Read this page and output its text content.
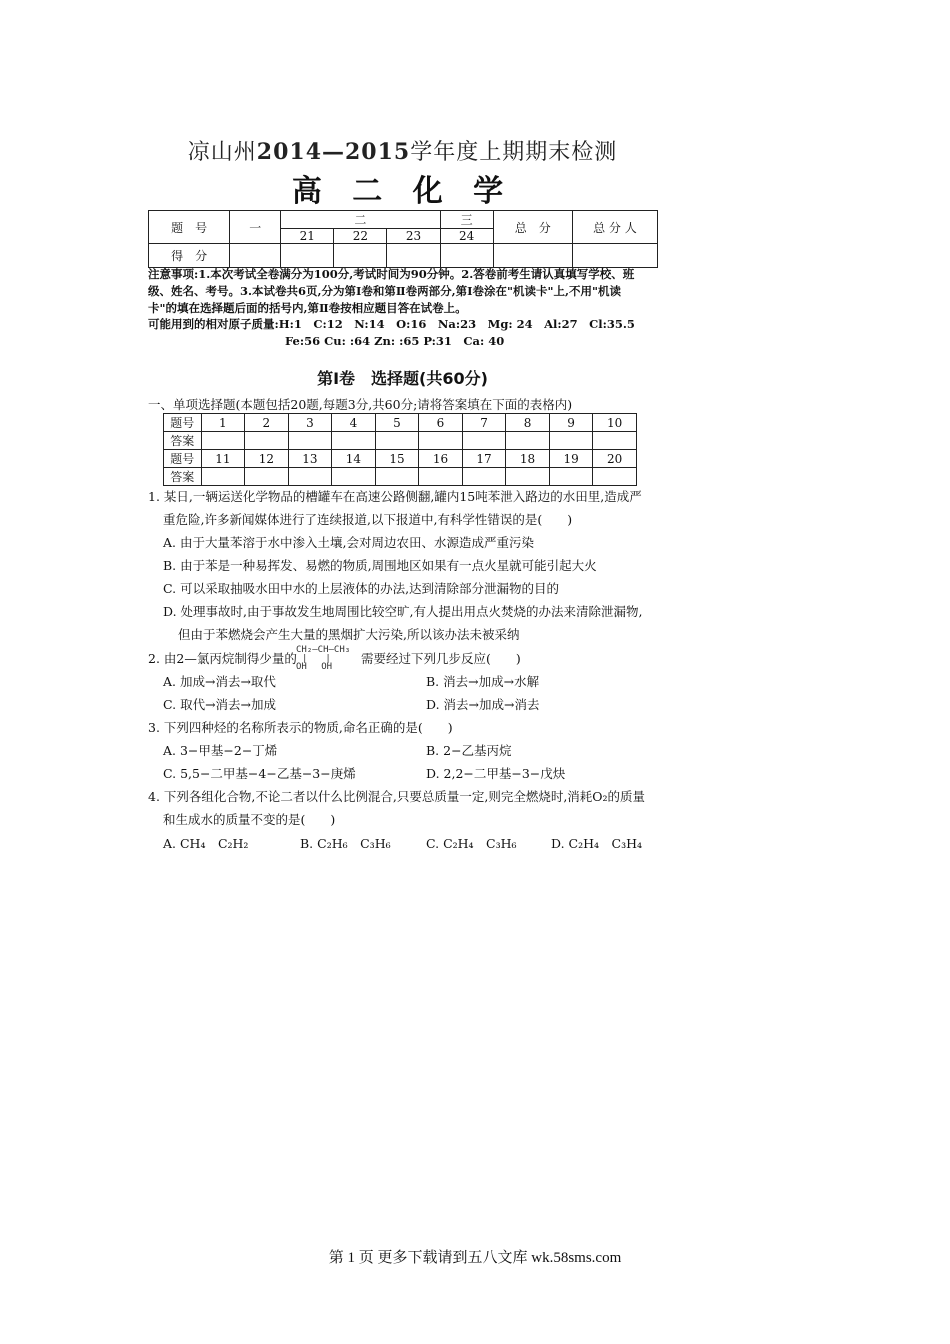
凉山州2014—2015学年度上期期末检测
高 二 化 学
题　号	一	二			三	总　分	总 分 人
		21	22	23	24		
得　分							
注意事项:1.本次考试全卷满分为100分,考试时间为90分钟。2.答卷前考生请认真填写学校、班
级、姓名、考号。3.本试卷共6页,分为第Ⅰ卷和第Ⅱ卷两部分,第Ⅰ卷涂在"机读卡"上,不用"机读
卡"的填在选择题后面的括号内,第Ⅱ卷按相应题目答在试卷上。
可能用到的相对原子质量:H:1　C:12　N:14　O:16　Na:23　Mg: 24　Al:27　Cl:35.5
Fe:56 Cu: :64 Zn: :65 P:31　Ca: 40
第Ⅰ卷　选择题(共60分)
一、单项选择题(本题包括20题,每题3分,共60分;请将答案填在下面的表格内)
题号	1	2	3	4	5	6	7	8	9	10
答案										
题号	11	12	13	14	15	16	17	18	19	20
答案										
1. 某日,一辆运送化学物品的槽罐车在高速公路侧翻,罐内15吨苯泄入路边的水田里,造成严
重危险,许多新闻媒体进行了连续报道,以下报道中,有科学性错误的是(　　)
A. 由于大量苯溶于水中渗入土壤,会对周边农田、水源造成严重污染
B. 由于苯是一种易挥发、易燃的物质,周围地区如果有一点火星就可能引起大火
C. 可以采取抽吸水田中水的上层液体的办法,达到清除部分泄漏物的目的
D. 处理事故时,由于事故发生地周围比较空旷,有人提出用点火焚烧的办法来清除泄漏物,
但由于苯燃烧会产生大量的黑烟扩大污染,所以该办法未被采纳
2. 由2—氯丙烷制得少量的
CH₂—CH—CH₃
|　　|
OH　 OH
需要经过下列几步反应(　　)
A. 加成→消去→取代	B. 消去→加成→水解
C. 取代→消去→加成	D. 消去→加成→消去
3. 下列四种烃的名称所表示的物质,命名正确的是(　　)
A. 3−甲基−2−丁烯	B. 2−乙基丙烷
C. 5,5−二甲基−4−乙基−3−庚烯	D. 2,2−二甲基−3−戊炔
4. 下列各组化合物,不论二者以什么比例混合,只要总质量一定,则完全燃烧时,消耗O₂的质量
和生成水的质量不变的是(　　)
A. CH₄　C₂H₂	B. C₂H₆　C₃H₆	C. C₂H₄　C₃H₆	D. C₂H₄　C₃H₄
第 1 页 更多下载请到五八文库 wk.58sms.com
